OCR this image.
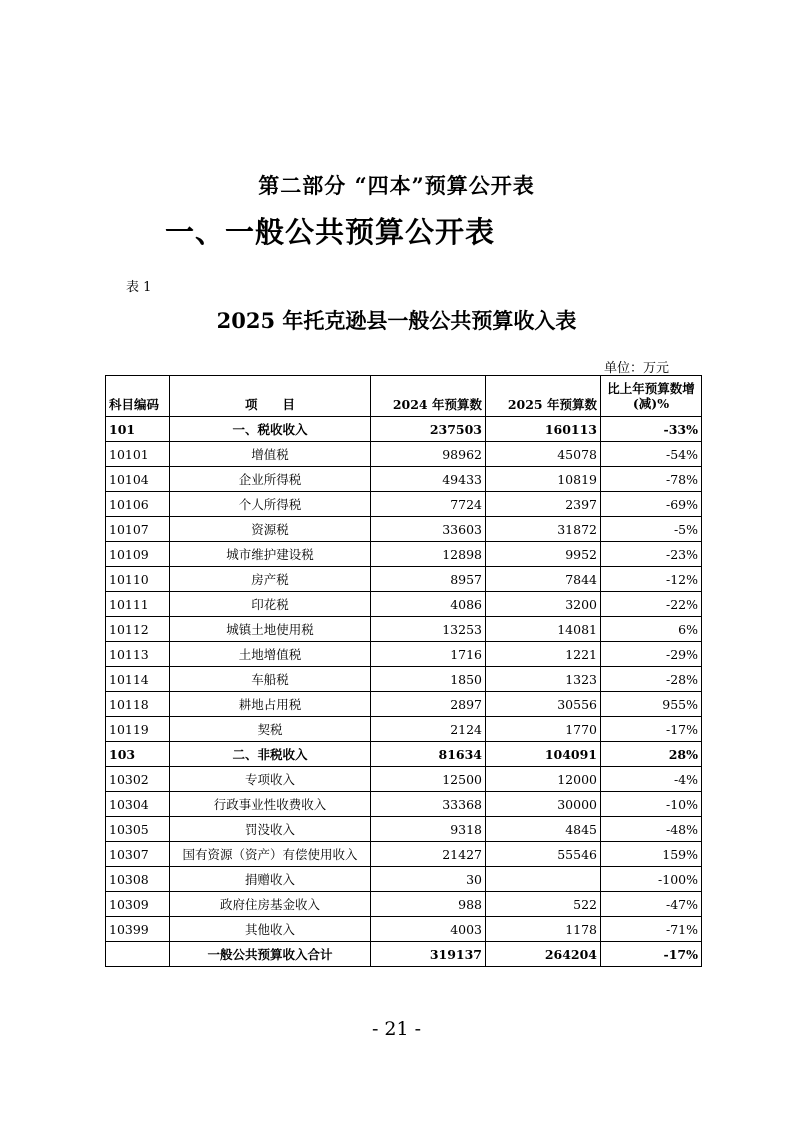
第二部分 “四本”预算公开表
一、一般公共预算公开表
表 1
2025 年托克逊县一般公共预算收入表
单位：万元
科目编码	项　　目	2024 年预算数	2025 年预算数	比上年预算数增(减)%
101	一、税收收入	237503	160113	-33%
10101	增值税	98962	45078	-54%
10104	企业所得税	49433	10819	-78%
10106	个人所得税	7724	2397	-69%
10107	资源税	33603	31872	-5%
10109	城市维护建设税	12898	9952	-23%
10110	房产税	8957	7844	-12%
10111	印花税	4086	3200	-22%
10112	城镇土地使用税	13253	14081	6%
10113	土地增值税	1716	1221	-29%
10114	车船税	1850	1323	-28%
10118	耕地占用税	2897	30556	955%
10119	契税	2124	1770	-17%
103	二、非税收入	81634	104091	28%
10302	专项收入	12500	12000	-4%
10304	行政事业性收费收入	33368	30000	-10%
10305	罚没收入	9318	4845	-48%
10307	国有资源（资产）有偿使用收入	21427	55546	159%
10308	捐赠收入	30		-100%
10309	政府住房基金收入	988	522	-47%
10399	其他收入	4003	1178	-71%
	一般公共预算收入合计	319137	264204	-17%
- 21 -
